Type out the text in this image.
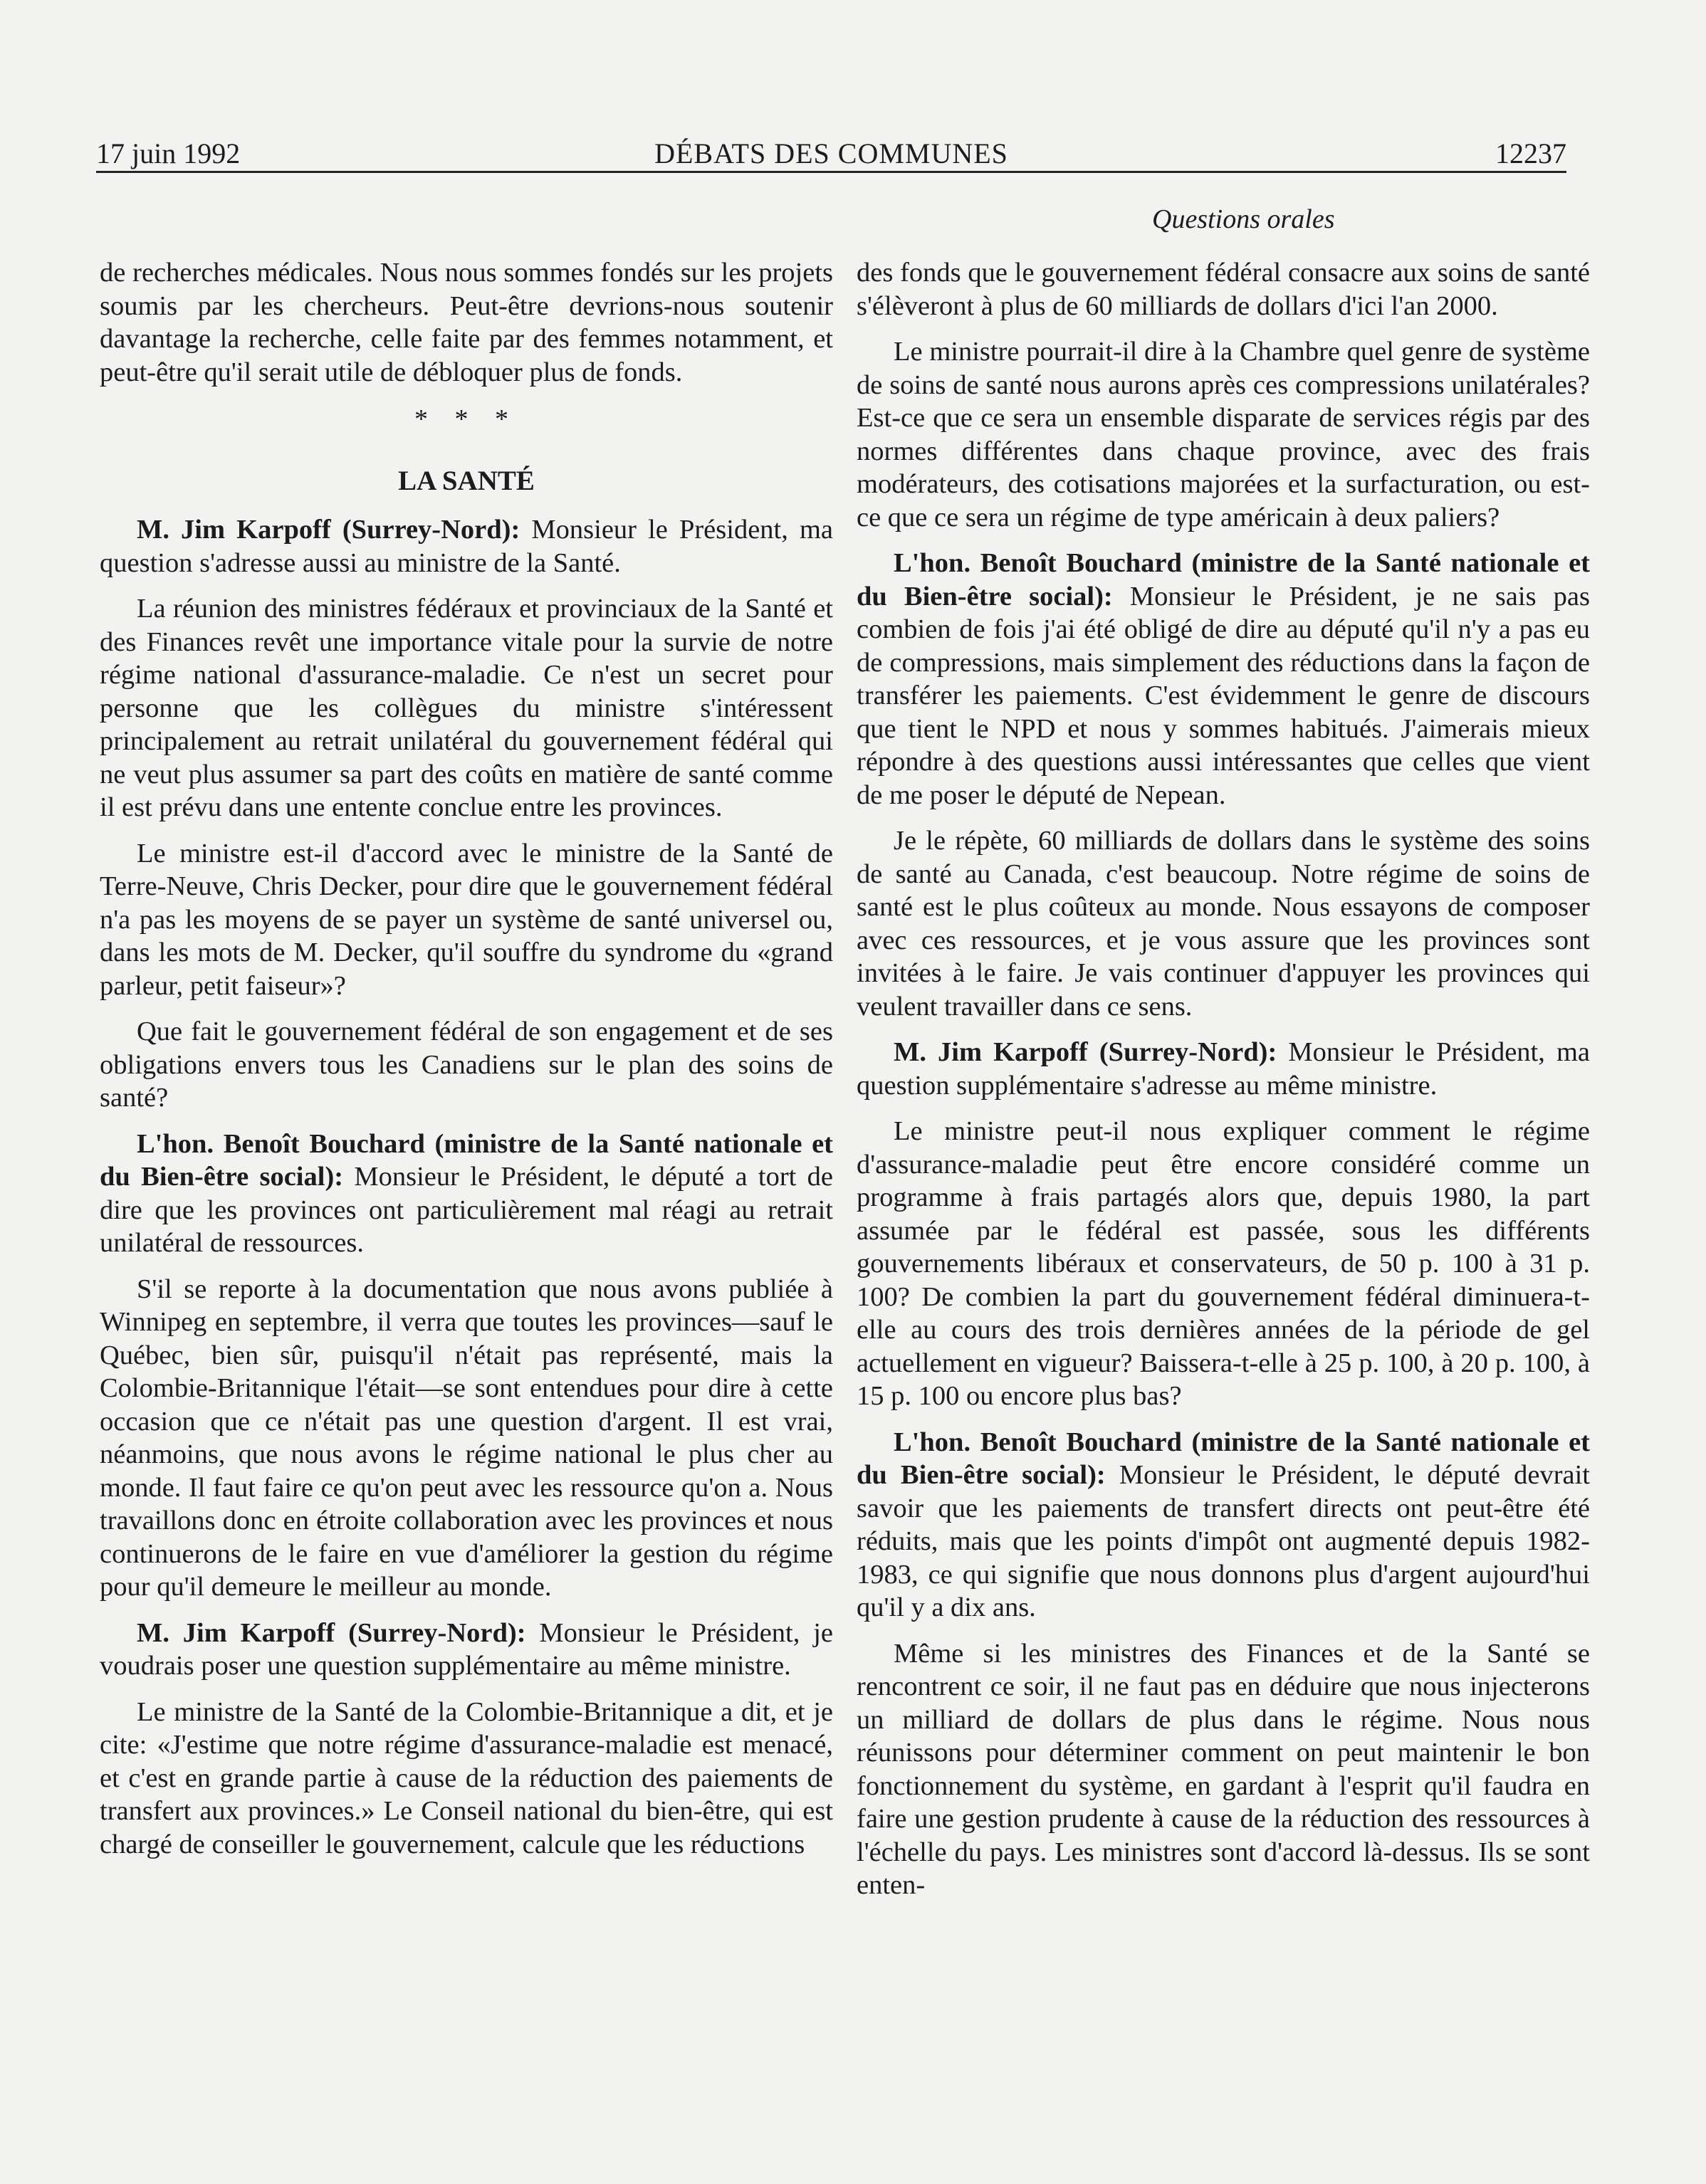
17 juin 1992	DÉBATS DES COMMUNES	12237
Questions orales

de recherches médicales. Nous nous sommes fondés sur les projets soumis par les chercheurs. Peut-être devrions-nous soutenir davantage la recherche, celle faite par des femmes notamment, et peut-être qu'il serait utile de débloquer plus de fonds.

* * *
LA SANTÉ

M. Jim Karpoff (Surrey-Nord): Monsieur le Président, ma question s'adresse aussi au ministre de la Santé.

La réunion des ministres fédéraux et provinciaux de la Santé et des Finances revêt une importance vitale pour la survie de notre régime national d'assurance-maladie. Ce n'est un secret pour personne que les collègues du ministre s'intéressent principalement au retrait unilatéral du gouvernement fédéral qui ne veut plus assumer sa part des coûts en matière de santé comme il est prévu dans une entente conclue entre les provinces.

Le ministre est-il d'accord avec le ministre de la Santé de Terre-Neuve, Chris Decker, pour dire que le gouvernement fédéral n'a pas les moyens de se payer un système de santé universel ou, dans les mots de M. Decker, qu'il souffre du syndrome du «grand parleur, petit faiseur»?

Que fait le gouvernement fédéral de son engagement et de ses obligations envers tous les Canadiens sur le plan des soins de santé?

L'hon. Benoît Bouchard (ministre de la Santé nationale et du Bien-être social): Monsieur le Président, le député a tort de dire que les provinces ont particulièrement mal réagi au retrait unilatéral de ressources.

S'il se reporte à la documentation que nous avons publiée à Winnipeg en septembre, il verra que toutes les provinces—sauf le Québec, bien sûr, puisqu'il n'était pas représenté, mais la Colombie-Britannique l'était—se sont entendues pour dire à cette occasion que ce n'était pas une question d'argent. Il est vrai, néanmoins, que nous avons le régime national le plus cher au monde. Il faut faire ce qu'on peut avec les ressource qu'on a. Nous travaillons donc en étroite collaboration avec les provinces et nous continuerons de le faire en vue d'améliorer la gestion du régime pour qu'il demeure le meilleur au monde.

M. Jim Karpoff (Surrey-Nord): Monsieur le Président, je voudrais poser une question supplémentaire au même ministre.

Le ministre de la Santé de la Colombie-Britannique a dit, et je cite: «J'estime que notre régime d'assurance-maladie est menacé, et c'est en grande partie à cause de la réduction des paiements de transfert aux provinces.» Le Conseil national du bien-être, qui est chargé de conseiller le gouvernement, calcule que les réductions

des fonds que le gouvernement fédéral consacre aux soins de santé s'élèveront à plus de 60 milliards de dollars d'ici l'an 2000.

Le ministre pourrait-il dire à la Chambre quel genre de système de soins de santé nous aurons après ces compressions unilatérales? Est-ce que ce sera un ensemble disparate de services régis par des normes différentes dans chaque province, avec des frais modérateurs, des cotisations majorées et la surfacturation, ou est-ce que ce sera un régime de type américain à deux paliers?

L'hon. Benoît Bouchard (ministre de la Santé nationale et du Bien-être social): Monsieur le Président, je ne sais pas combien de fois j'ai été obligé de dire au député qu'il n'y a pas eu de compressions, mais simplement des réductions dans la façon de transférer les paiements. C'est évidemment le genre de discours que tient le NPD et nous y sommes habitués. J'aimerais mieux répondre à des questions aussi intéressantes que celles que vient de me poser le député de Nepean.

Je le répète, 60 milliards de dollars dans le système des soins de santé au Canada, c'est beaucoup. Notre régime de soins de santé est le plus coûteux au monde. Nous essayons de composer avec ces ressources, et je vous assure que les provinces sont invitées à le faire. Je vais continuer d'appuyer les provinces qui veulent travailler dans ce sens.

M. Jim Karpoff (Surrey-Nord): Monsieur le Président, ma question supplémentaire s'adresse au même ministre.

Le ministre peut-il nous expliquer comment le régime d'assurance-maladie peut être encore considéré comme un programme à frais partagés alors que, depuis 1980, la part assumée par le fédéral est passée, sous les différents gouvernements libéraux et conservateurs, de 50 p. 100 à 31 p. 100? De combien la part du gouvernement fédéral diminuera-t-elle au cours des trois dernières années de la période de gel actuellement en vigueur? Baissera-t-elle à 25 p. 100, à 20 p. 100, à 15 p. 100 ou encore plus bas?

L'hon. Benoît Bouchard (ministre de la Santé nationale et du Bien-être social): Monsieur le Président, le député devrait savoir que les paiements de transfert directs ont peut-être été réduits, mais que les points d'impôt ont augmenté depuis 1982-1983, ce qui signifie que nous donnons plus d'argent aujourd'hui qu'il y a dix ans.

Même si les ministres des Finances et de la Santé se rencontrent ce soir, il ne faut pas en déduire que nous injecterons un milliard de dollars de plus dans le régime. Nous nous réunissons pour déterminer comment on peut maintenir le bon fonctionnement du système, en gardant à l'esprit qu'il faudra en faire une gestion prudente à cause de la réduction des ressources à l'échelle du pays. Les ministres sont d'accord là-dessus. Ils se sont enten-
